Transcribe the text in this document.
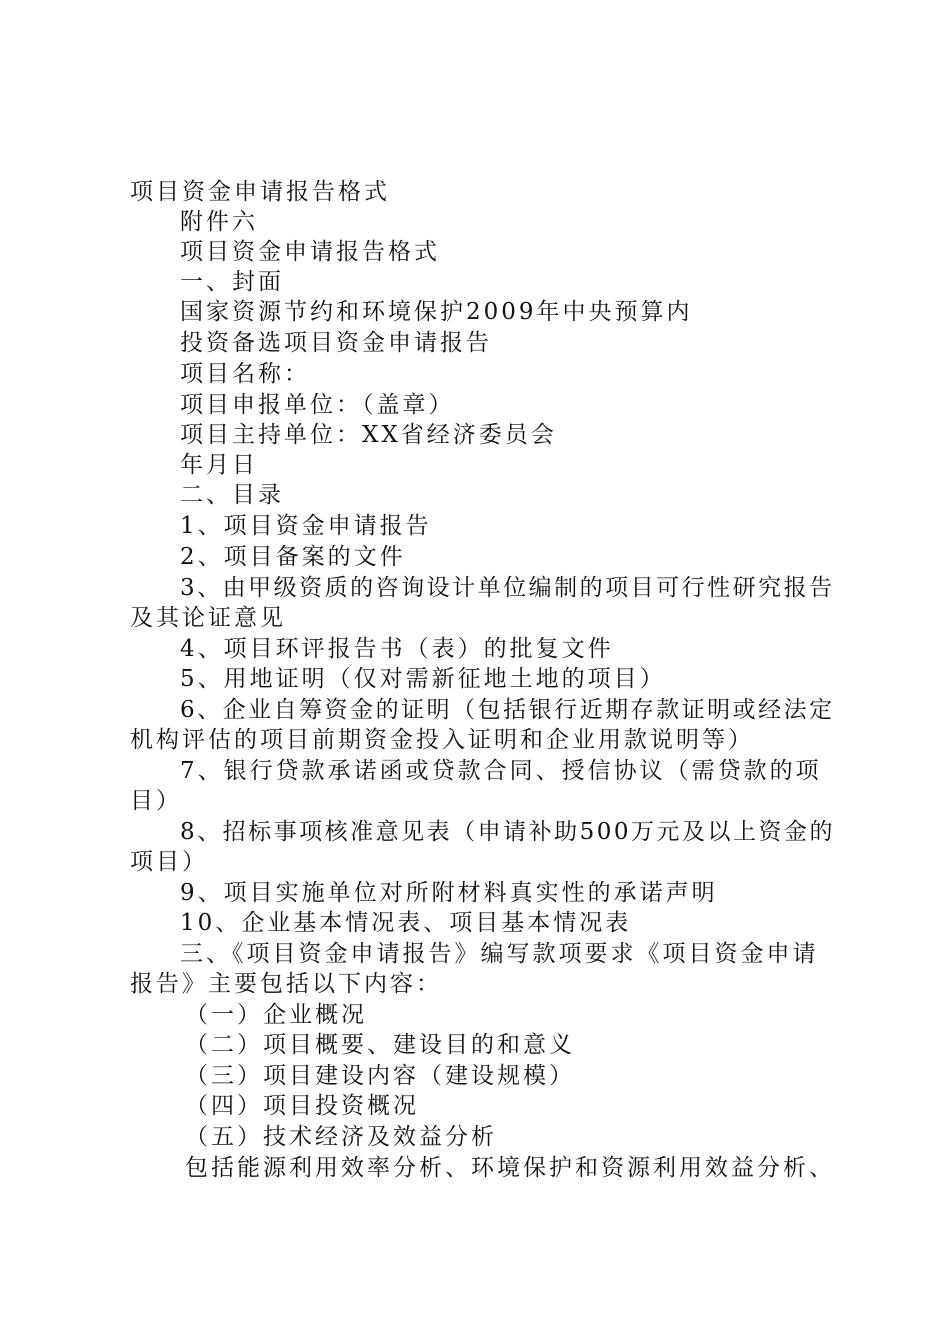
项目资金申请报告格式

附件六

项目资金申请报告格式

一、封面

国家资源节约和环境保护2009年中央预算内

投资备选项目资金申请报告

项目名称：

项目申报单位：（盖章）

项目主持单位：XX省经济委员会

年月日

二、目录

1、项目资金申请报告

2、项目备案的文件

3、由甲级资质的咨询设计单位编制的项目可行性研究报告

及其论证意见

4、项目环评报告书（表）的批复文件

5、用地证明（仅对需新征地土地的项目）

6、企业自筹资金的证明（包括银行近期存款证明或经法定

机构评估的项目前期资金投入证明和企业用款说明等）

7、银行贷款承诺函或贷款合同、授信协议（需贷款的项

目）

8、招标事项核准意见表（申请补助500万元及以上资金的

项目）

9、项目实施单位对所附材料真实性的承诺声明

10、企业基本情况表、项目基本情况表

三、《项目资金申请报告》编写款项要求《项目资金申请

报告》主要包括以下内容：

（一）企业概况

（二）项目概要、建设目的和意义

（三）项目建设内容（建设规模）

（四）项目投资概况

（五）技术经济及效益分析

包括能源利用效率分析、环境保护和资源利用效益分析、
